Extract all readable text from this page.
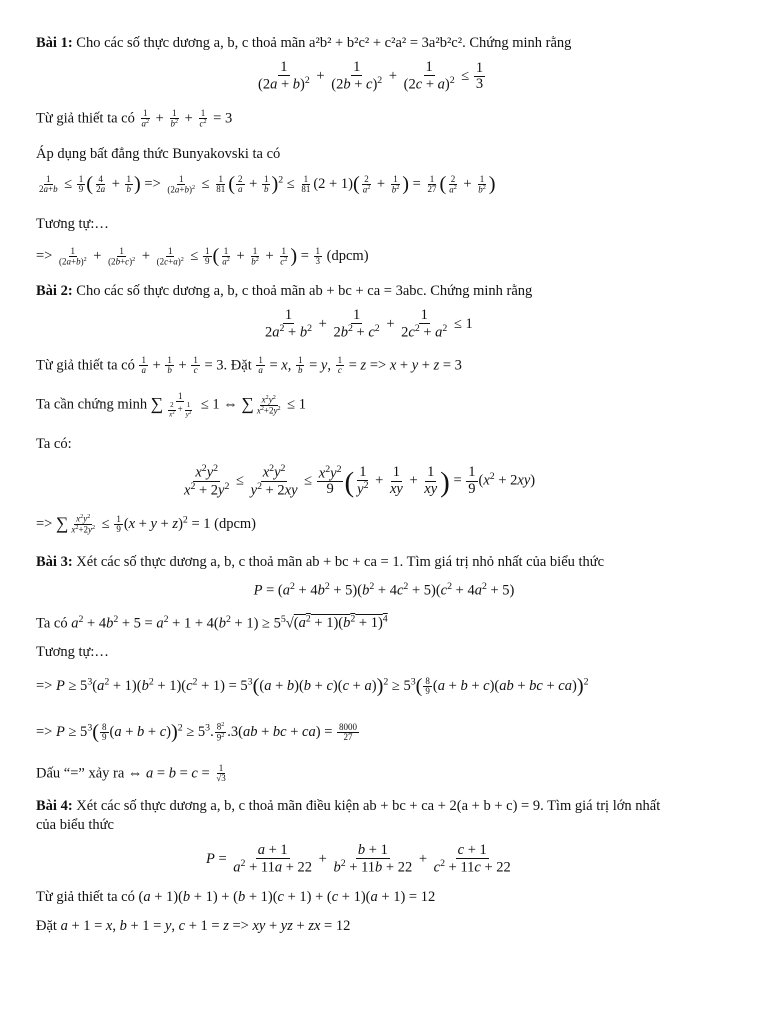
Bài 1: Cho các số thực dương a, b, c thoả mãn a²b² + b²c² + c²a² = 3a²b²c². Chứng minh rằng
$\frac{1}{(2a + b)^2} + \frac{1}{(2b + c)^2} + \frac{1}{(2c + a)^2} \le \frac{1}{3}$
Từ giả thiết ta có $\frac{1}{a^2} + \frac{1}{b^2} + \frac{1}{c^2} = 3$
Áp dụng bất đẳng thức Bunyakovski ta có
$\frac{1}{2a+b} \le \frac{1}{9}$ ( $\frac{4}{2a} + \frac{1}{b}$ ) => $\frac{1}{(2a+b)^2} \le \frac{1}{81}$ ( $\frac{2}{a} + \frac{1}{b} )^2 \le \frac{1}{81} (2 + 1)( \frac{2}{a^2} + \frac{1}{b^2}$ ) = $\frac{1}{27}$ ( $\frac{2}{a^2} + \frac{1}{b^2}$ )
Tương tự:…
=> $\frac{1}{(2a+b)^2} + \frac{1}{(2b+c)^2} + \frac{1}{(2c+a)^2} \le \frac{1}{9}$ ( $\frac{1}{a^2} + \frac{1}{b^2} + \frac{1}{c^2}$ ) = $\frac{1}{3}$ (dpcm)
Bài 2: Cho các số thực dương a, b, c thoả mãn ab + bc + ca = 3abc. Chứng minh rằng
$\frac{1}{2a^2 + b^2} + \frac{1}{2b^2 + c^2} + \frac{1}{2c^2 + a^2} \le 1$
Từ giả thiết ta có $\frac{1}{a} + \frac{1}{b} + \frac{1}{c} = 3$. Đặt $\frac{1}{a} = x$, $\frac{1}{b} = y$, $\frac{1}{c} = z => x + y + z = 3$
Ta cần chứng minh ∑ $\frac{1}{\frac{2}{x^2} + \frac{1}{y^2}} \le 1$ ⇔ ∑ $\frac{x^2y^2}{x^2+2y^2} \le 1$
Ta có:
$\frac{x^2y^2}{x^2 + 2y^2} \le \frac{x^2y^2}{y^2 + 2xy} \le \frac{x^2y^2}{9}$ ( $\frac{1}{y^2} + \frac{1}{xy} + \frac{1}{xy}$ ) = $\frac{1}{9} (x^2 + 2xy)$
=> ∑ $\frac{x^2y^2}{x^2+2y^2} \le \frac{1}{9} (x + y + z)^2 = 1$ (dpcm)
Bài 3: Xét các số thực dương a, b, c thoả mãn ab + bc + ca = 1. Tìm giá trị nhỏ nhất của biểu thức
$P = (a^2 + 4b^2 + 5)(b^2 + 4c^2 + 5)(c^2 + 4a^2 + 5)$
Ta có $a^2 + 4b^2 + 5 = a^2 + 1 + 4(b^2 + 1) \ge 5^5√(a^2 + 1)(b^2 + 1)^4$
Tương tự:…
=> $P \ge 5^3(a^2 + 1)(b^2 + 1)(c^2 + 1) = 5^3((a + b)(b + c)(c + a))^2 \ge 5^3( \frac{8}{9} (a + b + c)(ab$ + bc + ca))$^2$
=> $P \ge 5^3( \frac{8}{9} (a + b + c))^2 \ge 5^3$. $\frac{8^2}{9^2} .3(ab$ + bc + $ca) = \frac{8000}{27}$
Dấu “=” xảy ra ⇔ $a = b = c = \frac{1}{√3}$
Bài 4: Xét các số thực dương a, b, c thoả mãn điều kiện ab + bc + ca + 2(a + b + c) = 9. Tìm giá trị lớn nhất
của biểu thức
$P = \frac{a + 1}{a^2 + 11a + 22} + \frac{b + 1}{b^2 + 11b + 22} + \frac{c + 1}{c^2 + 11c + 22}$
Từ giả thiết ta có (a + 1)(b + 1) + (b + 1)(c + 1) + (c + 1)(a + 1) = 12
Đặt a + 1 = x, b + 1 = y, c + 1 = z => xy + yz + zx = 12
